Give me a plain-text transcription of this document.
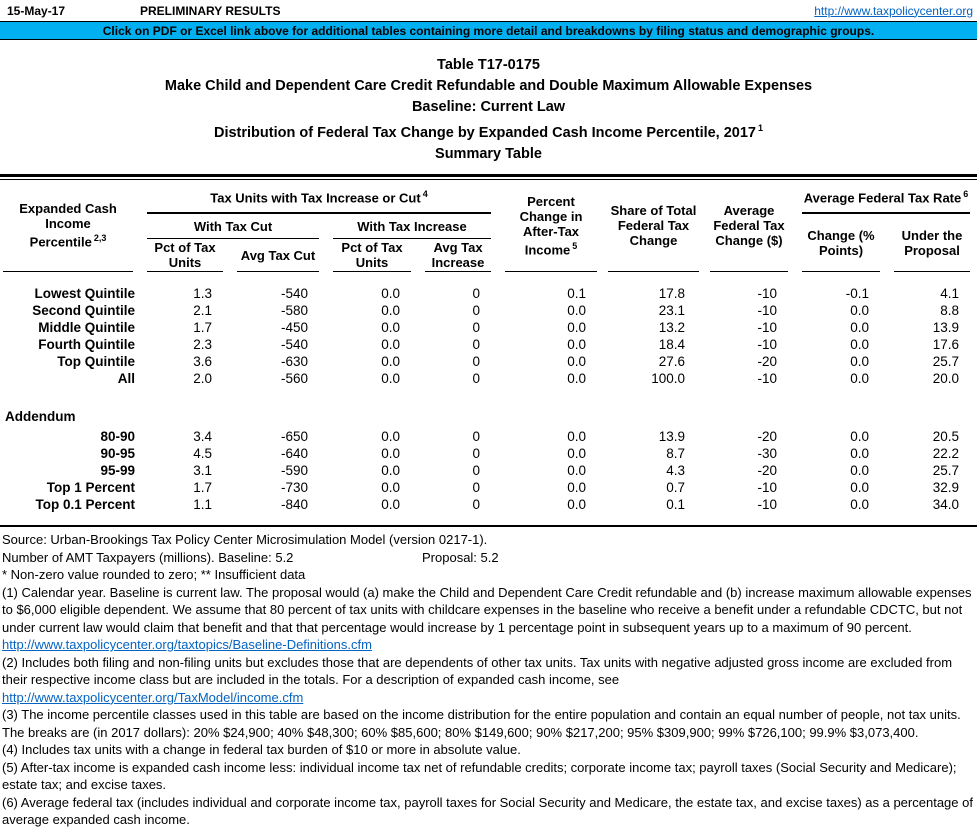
15-May-17	PRELIMINARY RESULTS	http://www.taxpolicycenter.org
Click on PDF or Excel link above for additional tables containing more detail and breakdowns by filing status and demographic groups.
Table T17-0175
Make Child and Dependent Care Credit Refundable and Double Maximum Allowable Expenses
Baseline: Current Law
Distribution of Federal Tax Change by Expanded Cash Income Percentile, 2017 $^1$
Summary Table
Expanded Cash Income
Percentile $^{2,3}$	Tax Units with Tax Increase or Cut $^4$				Percent Change in After-Tax Income $^5$	Share of Total Federal Tax Change	Average Federal Tax Change ($)	Average Federal Tax Rate $^6$

With Tax Cut		With Tax Increase					Change (% Points)	Under the Proposal

Pct of Tax Units	Avg Tax Cut	Pct of Tax Units	Avg Tax Increase					

Lowest Quintile	1.3	-540	0.0	0	0.1	17.8	-10	-0.1	4.1
Second Quintile	2.1	-580	0.0	0	0.0	23.1	-10	0.0	8.8
Middle Quintile	1.7	-450	0.0	0	0.0	13.2	-10	0.0	13.9
Fourth Quintile	2.3	-540	0.0	0	0.0	18.4	-10	0.0	17.6
Top Quintile	3.6	-630	0.0	0	0.0	27.6	-20	0.0	25.7
All	2.0	-560	0.0	0	0.0	100.0	-10	0.0	20.0
Addendum									
80-90	3.4	-650	0.0	0	0.0	13.9	-20	0.0	20.5
90-95	4.5	-640	0.0	0	0.0	8.7	-30	0.0	22.2
95-99	3.1	-590	0.0	0	0.0	4.3	-20	0.0	25.7
Top 1 Percent	1.7	-730	0.0	0	0.0	0.7	-10	0.0	32.9
Top 0.1 Percent	1.1	-840	0.0	0	0.0	0.1	-10	0.0	34.0
Source: Urban-Brookings Tax Policy Center Microsimulation Model (version 0217-1).
Number of AMT Taxpayers (millions). Baseline: 5.2	Proposal: 5.2
* Non-zero value rounded to zero; ** Insufficient data

(1) Calendar year. Baseline is current law. The proposal would (a) make the Child and Dependent Care Credit refundable and (b) increase maximum allowable expenses to $6,000 eligible dependent. We assume that 80 percent of tax units with childcare expenses in the baseline who receive a benefit under a refundable CDCTC, but not under current law would claim that benefit and that that percentage would increase by 1 percentage point in subsequent years up to a maximum of 90 percent.

http://www.taxpolicycenter.org/taxtopics/Baseline-Definitions.cfm

(2) Includes both filing and non-filing units but excludes those that are dependents of other tax units. Tax units with negative adjusted gross income are excluded from their respective income class but are included in the totals. For a description of expanded cash income, see

http://www.taxpolicycenter.org/TaxModel/income.cfm

(3) The income percentile classes used in this table are based on the income distribution for the entire population and contain an equal number of people, not tax units. The breaks are (in 2017 dollars): 20% $24,900; 40% $48,300; 60% $85,600; 80% $149,600; 90% $217,200; 95% $309,900; 99% $726,100; 99.9% $3,073,400.

(4) Includes tax units with a change in federal tax burden of $10 or more in absolute value.

(5) After-tax income is expanded cash income less: individual income tax net of refundable credits; corporate income tax; payroll taxes (Social Security and Medicare); estate tax; and excise taxes.

(6) Average federal tax (includes individual and corporate income tax, payroll taxes for Social Security and Medicare, the estate tax, and excise taxes) as a percentage of average expanded cash income.
